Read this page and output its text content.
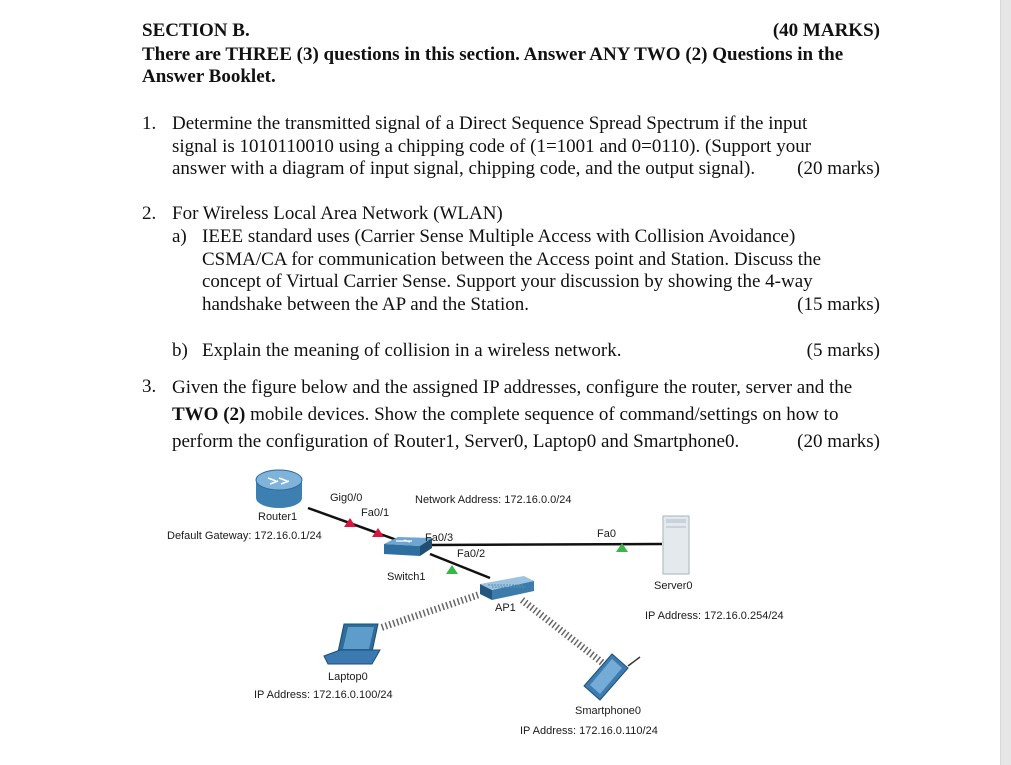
SECTION B.	(40 MARKS)
There are THREE (3) questions in this section. Answer ANY TWO (2) Questions in the
Answer Booklet.
1. Determine the transmitted signal of a Direct Sequence Spread Spectrum if the input
signal is 1010110010 using a chipping code of (1=1001 and 0=0110). (Support your
answer with a diagram of input signal, chipping code, and the output signal). (20 marks)
2. For Wireless Local Area Network (WLAN)
a) IEEE standard uses (Carrier Sense Multiple Access with Collision Avoidance)
CSMA/CA for communication between the Access point and Station. Discuss the
concept of Virtual Carrier Sense. Support your discussion by showing the 4-way
handshake between the AP and the Station.	(15 marks)
b) Explain the meaning of collision in a wireless network.	(5 marks)
3. Given the figure below and the assigned IP addresses, configure the router, server and the
TWO (2) mobile devices. Show the complete sequence of command/settings on how to
perform the configuration of Router1, Server0, Laptop0 and Smartphone0.	(20 marks)
Router1
Default Gateway: 172.16.0.1/24
Gig0/0
Fa0/1
Network Address: 172.16.0.0/24
Fa0/3
Fa0/2
Switch1
Fa0
AP1
Server0
IP Address: 172.16.0.254/24
Laptop0
IP Address: 172.16.0.100/24
Smartphone0
IP Address: 172.16.0.110/24
